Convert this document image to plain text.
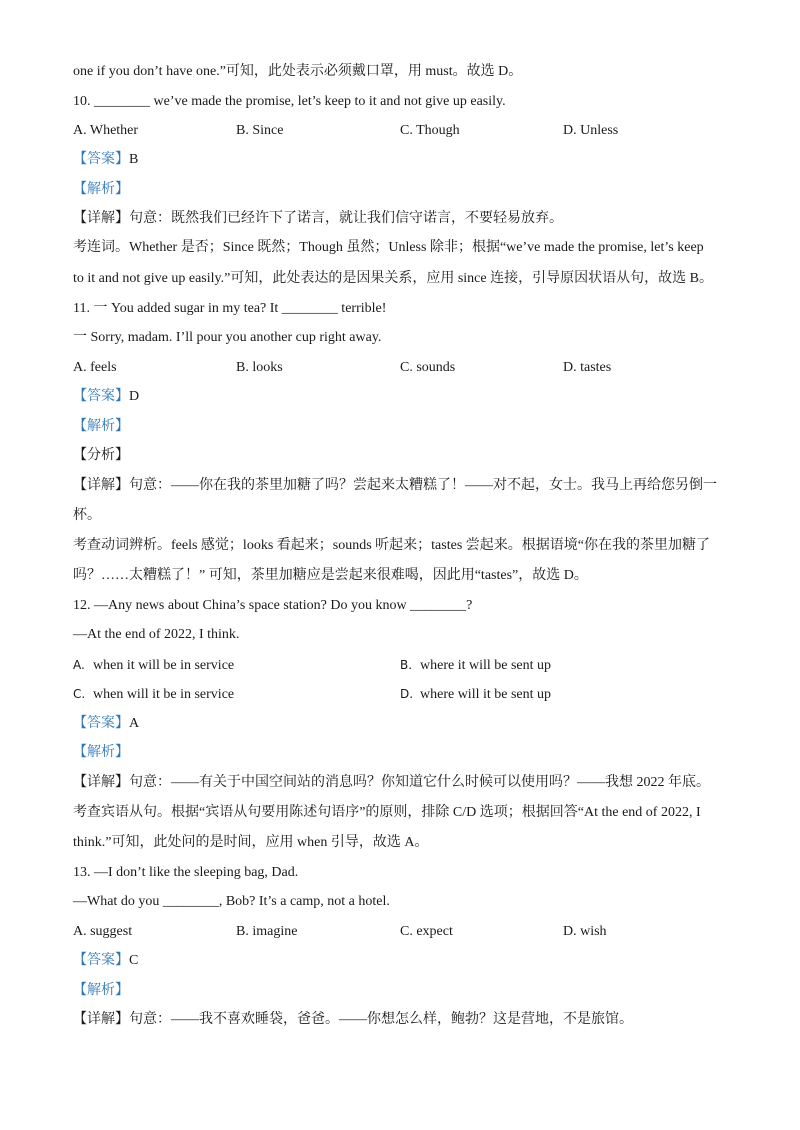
one if you don’t have one.”可知，此处表示必须戴口罩，用 must。故选 D。
10. ________ we’ve made the promise, let’s keep to it and not give up easily.
A. Whether	B. Since	C. Though	D. Unless
【答案】B
【解析】
【详解】句意：既然我们已经许下了诺言，就让我们信守诺言，不要轻易放弃。
考连词。Whether 是否；Since 既然；Though 虽然；Unless 除非；根据“we’ve made the promise, let’s keep
to it and not give up easily.”可知，此处表达的是因果关系，应用 since 连接，引导原因状语从句，故选 B。
11. 一 You added sugar in my tea? It ________ terrible!
一 Sorry, madam. I’ll pour you another cup right away.
A. feels	B. looks	C. sounds	D. tastes
【答案】D
【解析】
【分析】
【详解】句意：——你在我的茶里加糖了吗？尝起来太糟糕了！——对不起，女士。我马上再给您另倒一
杯。
考查动词辨析。feels 感觉；looks 看起来；sounds 听起来；tastes 尝起来。根据语境“你在我的茶里加糖了
吗？……太糟糕了！” 可知，茶里加糖应是尝起来很难喝，因此用“tastes”，故选 D。
12. —Any news about China’s space station? Do you know ________?
—At the end of 2022, I think.
A. when it will be in service	B. where it will be sent up
C. when will it be in service	D. where will it be sent up
【答案】A
【解析】
【详解】句意：——有关于中国空间站的消息吗？你知道它什么时候可以使用吗？——我想 2022 年底。
考查宾语从句。根据“宾语从句要用陈述句语序”的原则，排除 C/D 选项；根据回答“At the end of 2022, I
think.”可知，此处问的是时间，应用 when 引导，故选 A。
13. —I don’t like the sleeping bag, Dad.
—What do you ________, Bob? It’s a camp, not a hotel.
A. suggest	B. imagine	C. expect	D. wish
【答案】C
【解析】
【详解】句意：——我不喜欢睡袋，爸爸。——你想怎么样，鲍勃？这是营地，不是旅馆。
